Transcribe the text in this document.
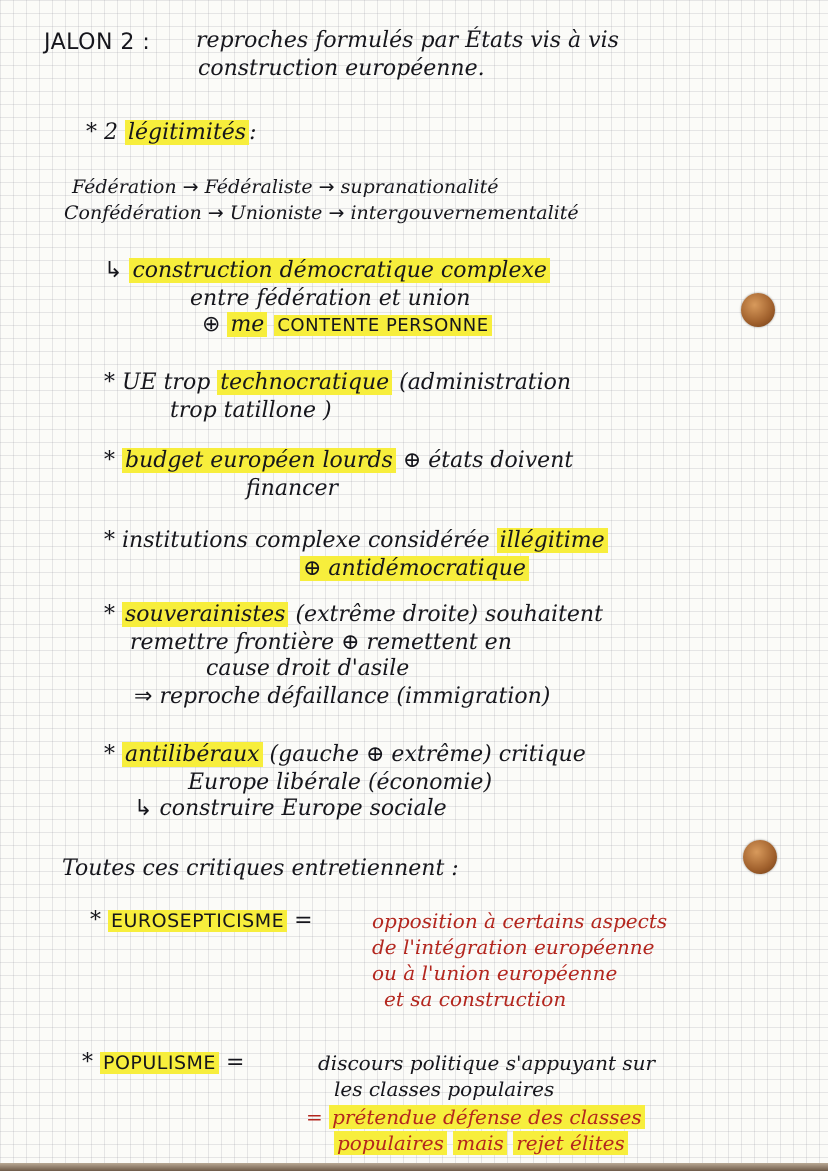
JALON 2 : reproches formulés par États vis à vis
construction européenne.
* 2 légitimités :
Fédération → Fédéraliste → supranationalité
Confédération → Unioniste → intergouvernementalité
↳ construction démocratique complexe
entre fédération et union
⊕ me CONTENTE PERSONNE
* UE trop technocratique (administration
trop tatillone )
* budget européen lourds ⊕ états doivent
financer
* institutions complexe considérée illégitime
⊕ antidémocratique
* souverainistes (extrême droite) souhaitent
remettre frontière ⊕ remettent en
cause droit d'asile
⇒ reproche défaillance (immigration)
* antilibéraux (gauche ⊕ extrême) critique
Europe libérale (économie)
↳ construire Europe sociale
Toutes ces critiques entretiennent :
* EUROSEPTICISME =	opposition à certains aspects
de l'intégration européenne
ou à l'union européenne
et sa construction
* POPULISME =	discours politique s'appuyant sur
les classes populaires
= prétendue défense des classes
populaires mais rejet élites
